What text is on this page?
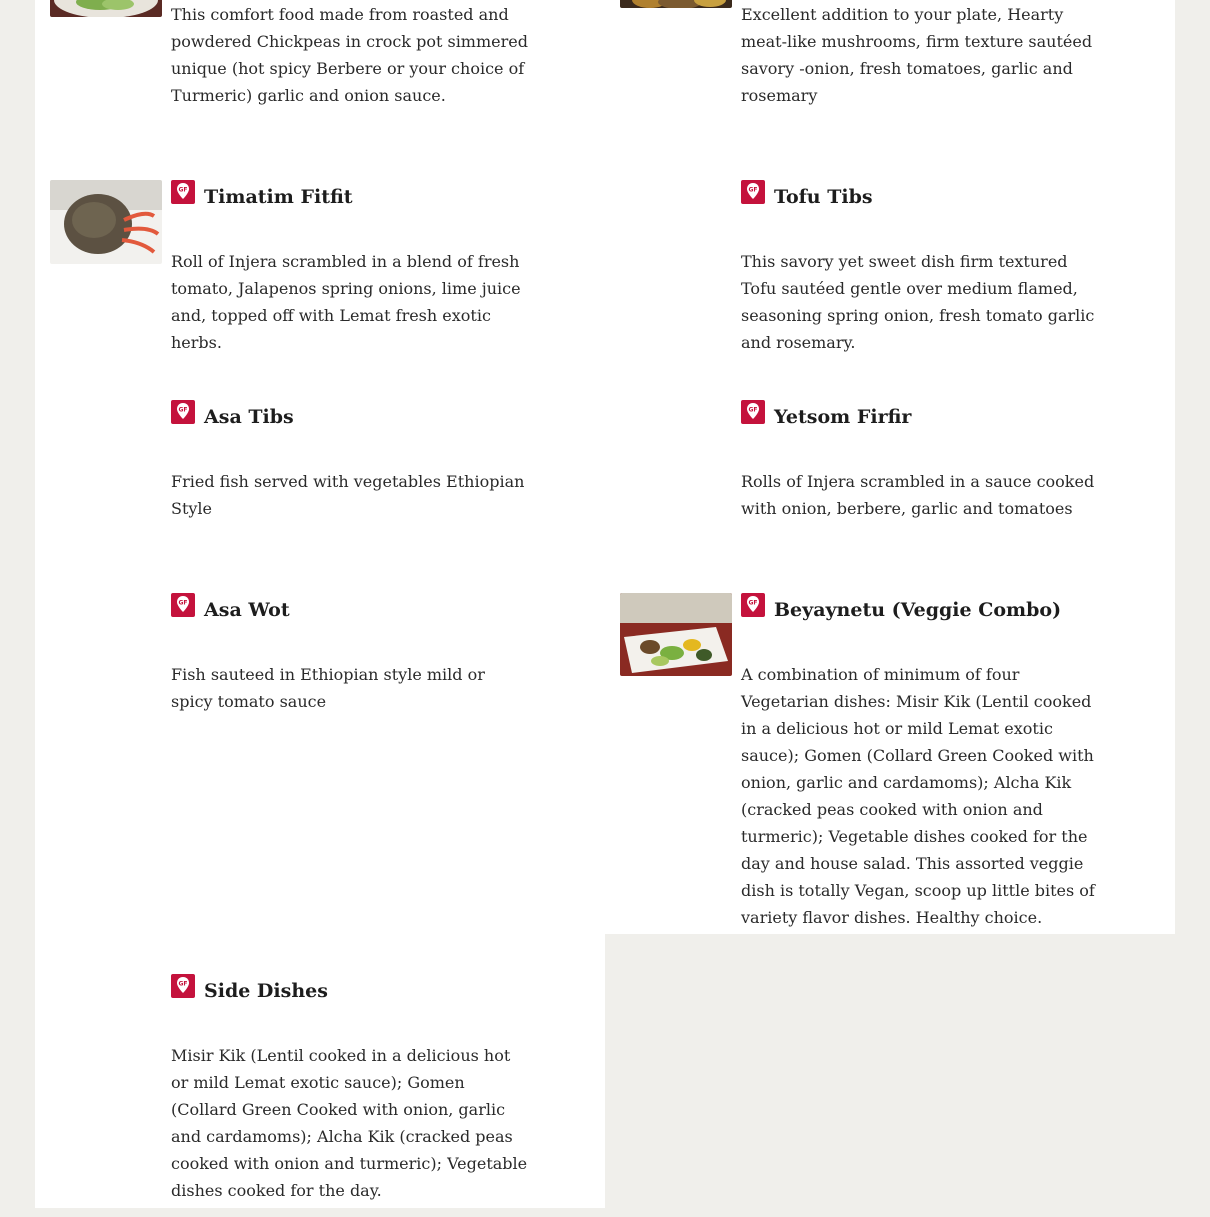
This comfort food made from roasted and powdered Chickpeas in crock pot simmered unique (hot spicy Berbere or your choice of Turmeric) garlic and onion sauce.
Excellent addition to your plate, Hearty meat-like mushrooms, firm texture sautéed savory -onion, fresh tomatoes, garlic and rosemary
GF Timatim Fitfit
Roll of Injera scrambled in a blend of fresh tomato, Jalapenos spring onions, lime juice and, topped off with Lemat fresh exotic herbs.
GF Tofu Tibs
This savory yet sweet dish firm textured Tofu sautéed gentle over medium flamed, seasoning spring onion, fresh tomato garlic and rosemary.
GF Asa Tibs
Fried fish served with vegetables Ethiopian Style
GF Yetsom Firfir
Rolls of Injera scrambled in a sauce cooked with onion, berbere, garlic and tomatoes
GF Asa Wot
Fish sauteed in Ethiopian style mild or spicy tomato sauce
GF Beyaynetu (Veggie Combo)
A combination of minimum of four Vegetarian dishes: Misir Kik (Lentil cooked in a delicious hot or mild Lemat exotic sauce); Gomen (Collard Green Cooked with onion, garlic and cardamoms); Alcha Kik (cracked peas cooked with onion and turmeric); Vegetable dishes cooked for the day and house salad. This assorted veggie dish is totally Vegan, scoop up little bites of variety flavor dishes. Healthy choice.
GF Side Dishes
Misir Kik (Lentil cooked in a delicious hot or mild Lemat exotic sauce); Gomen (Collard Green Cooked with onion, garlic and cardamoms); Alcha Kik (cracked peas cooked with onion and turmeric); Vegetable dishes cooked for the day.
